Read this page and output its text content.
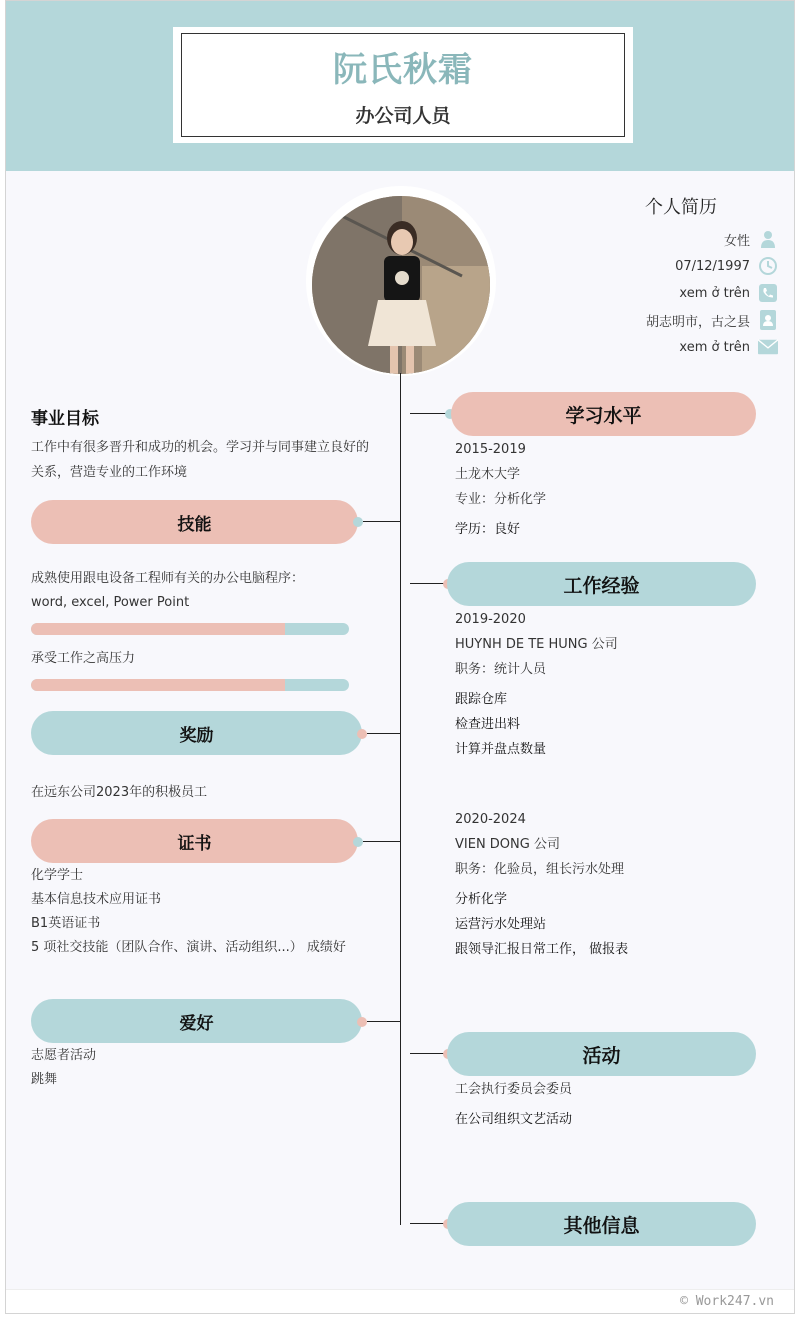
阮氏秋霜
办公司人员
个人简历
女性
07/12/1997
xem ở trên
胡志明市，古之县
xem ở trên
事业目标
工作中有很多晋升和成功的机会。学习并与同事建立良好的
关系，营造专业的工作环境
技能
成熟使用跟电设备工程师有关的办公电脑程序：
word, excel, Power Point
承受工作之高压力
奖励
在远东公司2023年的积极员工
证书
化学学士
基本信息技术应用证书
B1英语证书
5 项社交技能（团队合作、演讲、活动组织...） 成绩好
爱好
志愿者活动
跳舞
学习水平
2015-2019
土龙木大学
专业：分析化学
学历：良好
工作经验
2019-2020
HUYNH DE TE HUNG 公司
职务：统计人员
跟踪仓库
检查进出料
计算并盘点数量
2020-2024
VIEN DONG 公司
职务：化验员，组长污水处理
分析化学
运营污水处理站
跟领导汇报日常工作， 做报表
活动
工会执行委员会委员
在公司组织文艺活动
其他信息
© Work247.vn
